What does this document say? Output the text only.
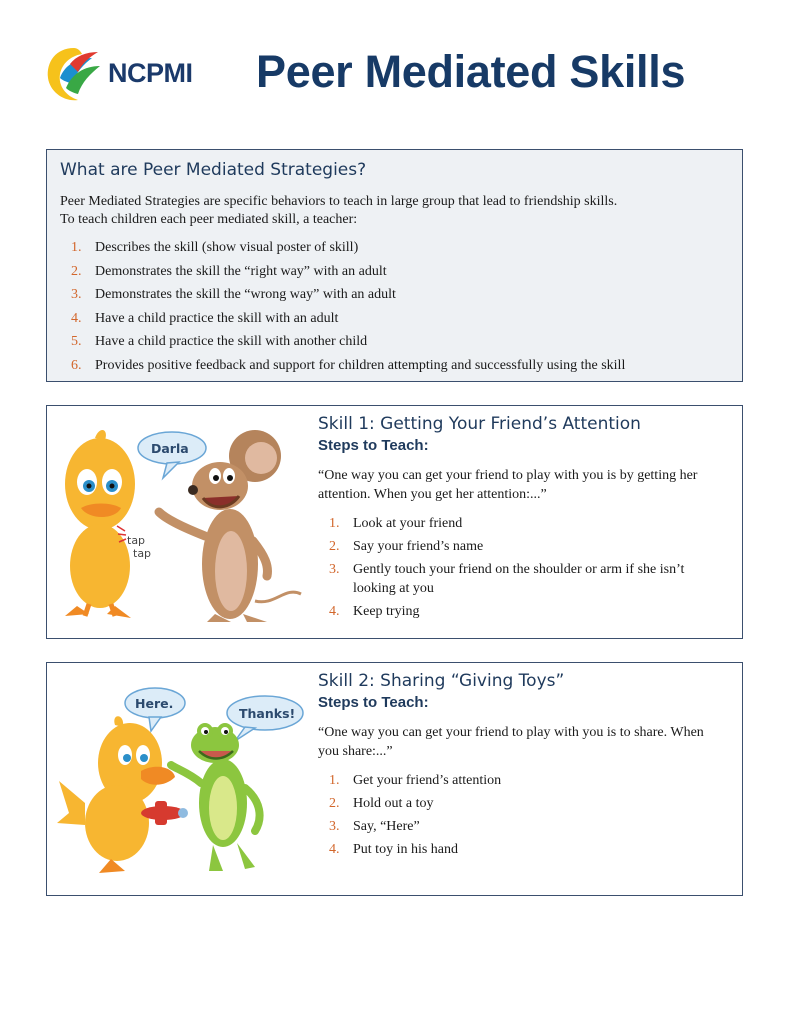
NCPMI Peer Mediated Skills
What are Peer Mediated Strategies?

Peer Mediated Strategies are specific behaviors to teach in large group that lead to friendship skills.

To teach children each peer mediated skill, a teacher:

1. Describes the skill (show visual poster of skill)
2. Demonstrates the skill the “right way” with an adult
3. Demonstrates the skill the “wrong way” with an adult
4. Have a child practice the skill with an adult
5. Have a child practice the skill with another child
6. Provides positive feedback and support for children attempting and successfully using the skill
tap
tap
Darla
Skill 1: Getting Your Friend’s Attention
Steps to Teach:
“One way you can get your friend to play with you is by getting her attention. When you get her attention:...”
1. Look at your friend
2. Say your friend’s name
3. Gently touch your friend on the shoulder or arm if she isn’t looking at you
4. Keep trying
Here.
Thanks!
Skill 2: Sharing “Giving Toys”
Steps to Teach:
“One way you can get your friend to play with you is to share. When you share:...”
1. Get your friend’s attention
2. Hold out a toy
3. Say, “Here”
4. Put toy in his hand
